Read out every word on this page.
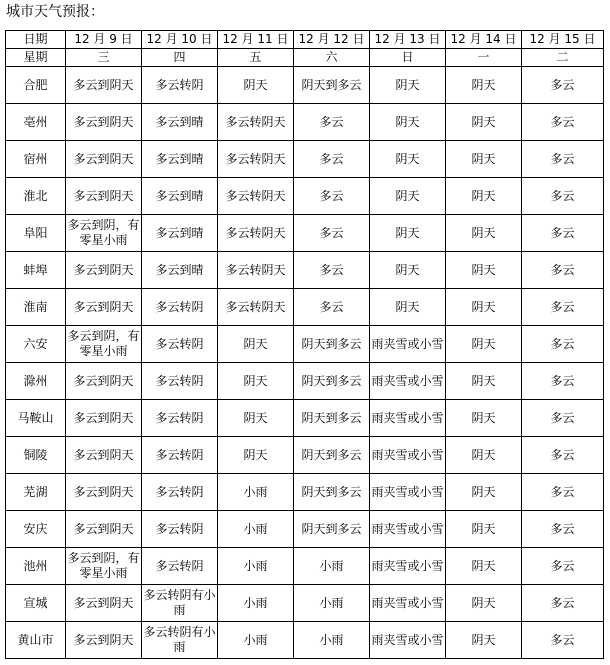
城市天气预报：
日期	12 月 9 日	12 月 10 日	12 月 11 日	12 月 12 日	12 月 13 日	12 月 14 日	12 月 15 日
星期	三	四	五	六	日	一	二
合肥	多云到阴天	多云转阴	阴天	阴天到多云	阴天	阴天	多云
亳州	多云到阴天	多云到晴	多云转阴天	多云	阴天	阴天	多云
宿州	多云到阴天	多云到晴	多云转阴天	多云	阴天	阴天	多云
淮北	多云到阴天	多云到晴	多云转阴天	多云	阴天	阴天	多云
阜阳	多云到阴，有零星小雨	多云到晴	多云转阴天	多云	阴天	阴天	多云
蚌埠	多云到阴天	多云到晴	多云转阴天	多云	阴天	阴天	多云
淮南	多云到阴天	多云转阴	多云转阴天	多云	阴天	阴天	多云
六安	多云到阴，有零星小雨	多云转阴	阴天	阴天到多云	雨夹雪或小雪	阴天	多云
滁州	多云到阴天	多云转阴	阴天	阴天到多云	雨夹雪或小雪	阴天	多云
马鞍山	多云到阴天	多云转阴	阴天	阴天到多云	雨夹雪或小雪	阴天	多云
铜陵	多云到阴天	多云转阴	阴天	阴天到多云	雨夹雪或小雪	阴天	多云
芜湖	多云到阴天	多云转阴	小雨	阴天到多云	雨夹雪或小雪	阴天	多云
安庆	多云到阴天	多云转阴	小雨	阴天到多云	雨夹雪或小雪	阴天	多云
池州	多云到阴，有零星小雨	多云转阴	小雨	小雨	雨夹雪或小雪	阴天	多云
宣城	多云到阴天	多云转阴有小雨	小雨	小雨	雨夹雪或小雪	阴天	多云
黄山市	多云到阴天	多云转阴有小雨	小雨	小雨	雨夹雪或小雪	阴天	多云
